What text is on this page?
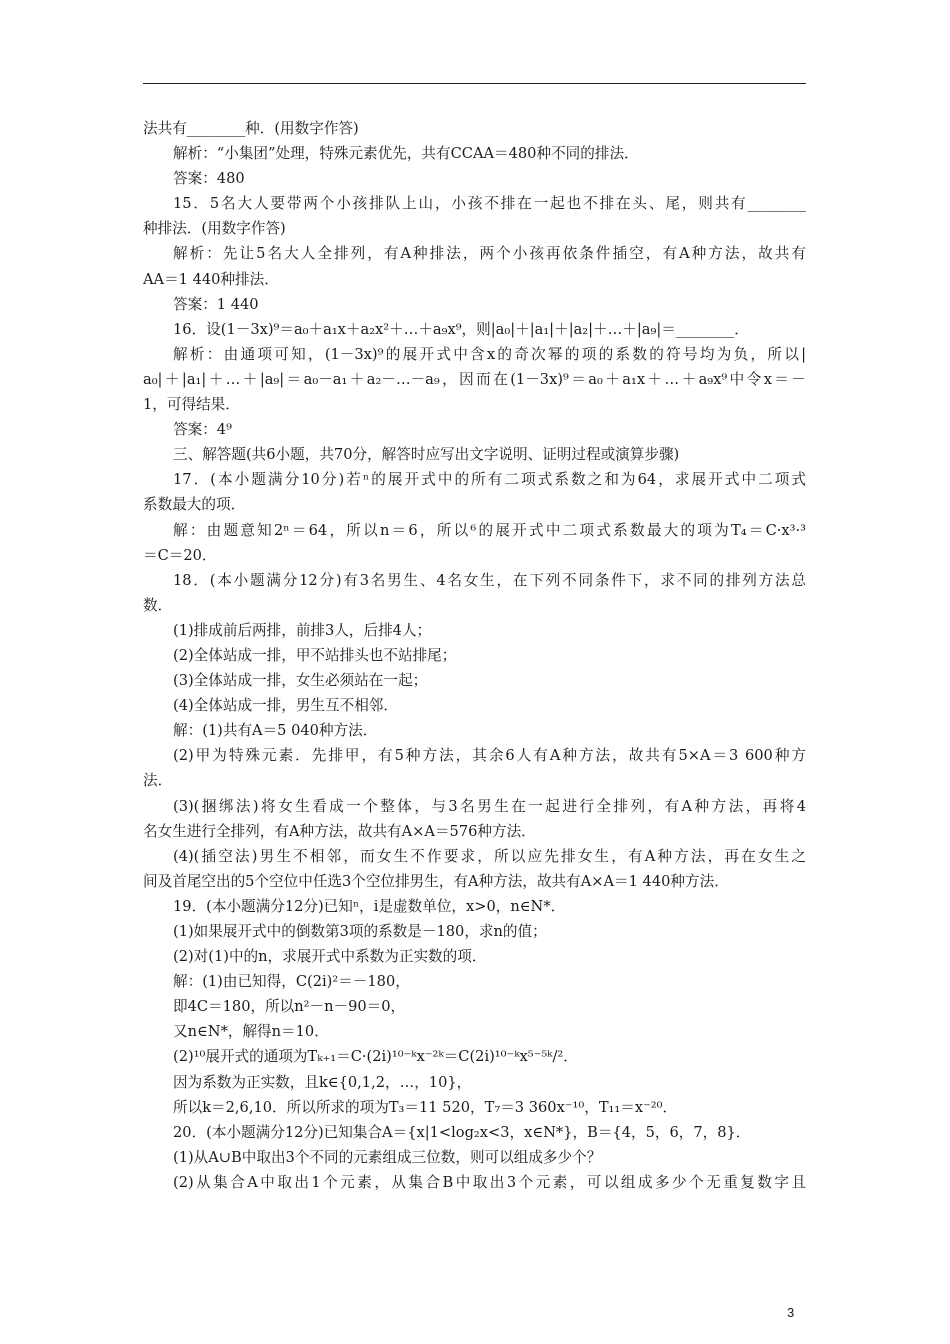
法共有________种．(用数字作答)
解析：“小集团”处理，特殊元素优先，共有CCAA＝480种不同的排法．
答案：480
15．5名大人要带两个小孩排队上山，小孩不排在一起也不排在头、尾，则共有________
种排法．(用数字作答)
解析：先让5名大人全排列，有A种排法，两个小孩再依条件插空，有A种方法，故共有
AA＝1 440种排法．
答案：1 440
16．设(1－3x)⁹＝a₀＋a₁x＋a₂x²＋…＋a₉x⁹，则|a₀|＋|a₁|＋|a₂|＋…＋|a₉|＝________．
解析：由通项可知，(1－3x)⁹的展开式中含x的奇次幂的项的系数的符号均为负，所以|
a₀|＋|a₁|＋…＋|a₉|＝a₀－a₁＋a₂－…－a₉，因而在(1－3x)⁹＝a₀＋a₁x＋…＋a₉x⁹中令x＝－
1，可得结果．
答案：4⁹
三、解答题(共6小题，共70分，解答时应写出文字说明、证明过程或演算步骤)
17．(本小题满分10分)若ⁿ的展开式中的所有二项式系数之和为64，求展开式中二项式
系数最大的项．
解：由题意知2ⁿ＝64，所以n＝6，所以⁶的展开式中二项式系数最大的项为T₄＝C·x³·³
＝C＝20．
18．(本小题满分12分)有3名男生、4名女生，在下列不同条件下，求不同的排列方法总
数．
(1)排成前后两排，前排3人，后排4人；
(2)全体站成一排，甲不站排头也不站排尾；
(3)全体站成一排，女生必须站在一起；
(4)全体站成一排，男生互不相邻．
解：(1)共有A＝5 040种方法．
(2)甲为特殊元素．先排甲，有5种方法，其余6人有A种方法，故共有5×A＝3 600种方
法．
(3)(捆绑法)将女生看成一个整体，与3名男生在一起进行全排列，有A种方法，再将4
名女生进行全排列，有A种方法，故共有A×A＝576种方法．
(4)(插空法)男生不相邻，而女生不作要求，所以应先排女生，有A种方法，再在女生之
间及首尾空出的5个空位中任选3个空位排男生，有A种方法，故共有A×A＝1 440种方法．
19．(本小题满分12分)已知ⁿ，i是虚数单位，x>0，n∈N*．
(1)如果展开式中的倒数第3项的系数是－180，求n的值；
(2)对(1)中的n，求展开式中系数为正实数的项．
解：(1)由已知得，C(2i)²＝－180，
即4C＝180，所以n²－n－90＝0，
又n∈N*，解得n＝10．
(2)¹⁰展开式的通项为Tₖ₊₁＝C·(2i)¹⁰⁻ᵏx⁻²ᵏ＝C(2i)¹⁰⁻ᵏx⁵⁻⁵ᵏ/²．
因为系数为正实数，且k∈{0,1,2，…，10}，
所以k＝2,6,10．所以所求的项为T₃＝11 520，T₇＝3 360x⁻¹⁰，T₁₁＝x⁻²⁰．
20．(本小题满分12分)已知集合A＝{x|1<log₂x<3，x∈N*}，B＝{4，5，6，7，8}．
(1)从A∪B中取出3个不同的元素组成三位数，则可以组成多少个？
(2)从集合A中取出1个元素，从集合B中取出3个元素，可以组成多少个无重复数字且
3
